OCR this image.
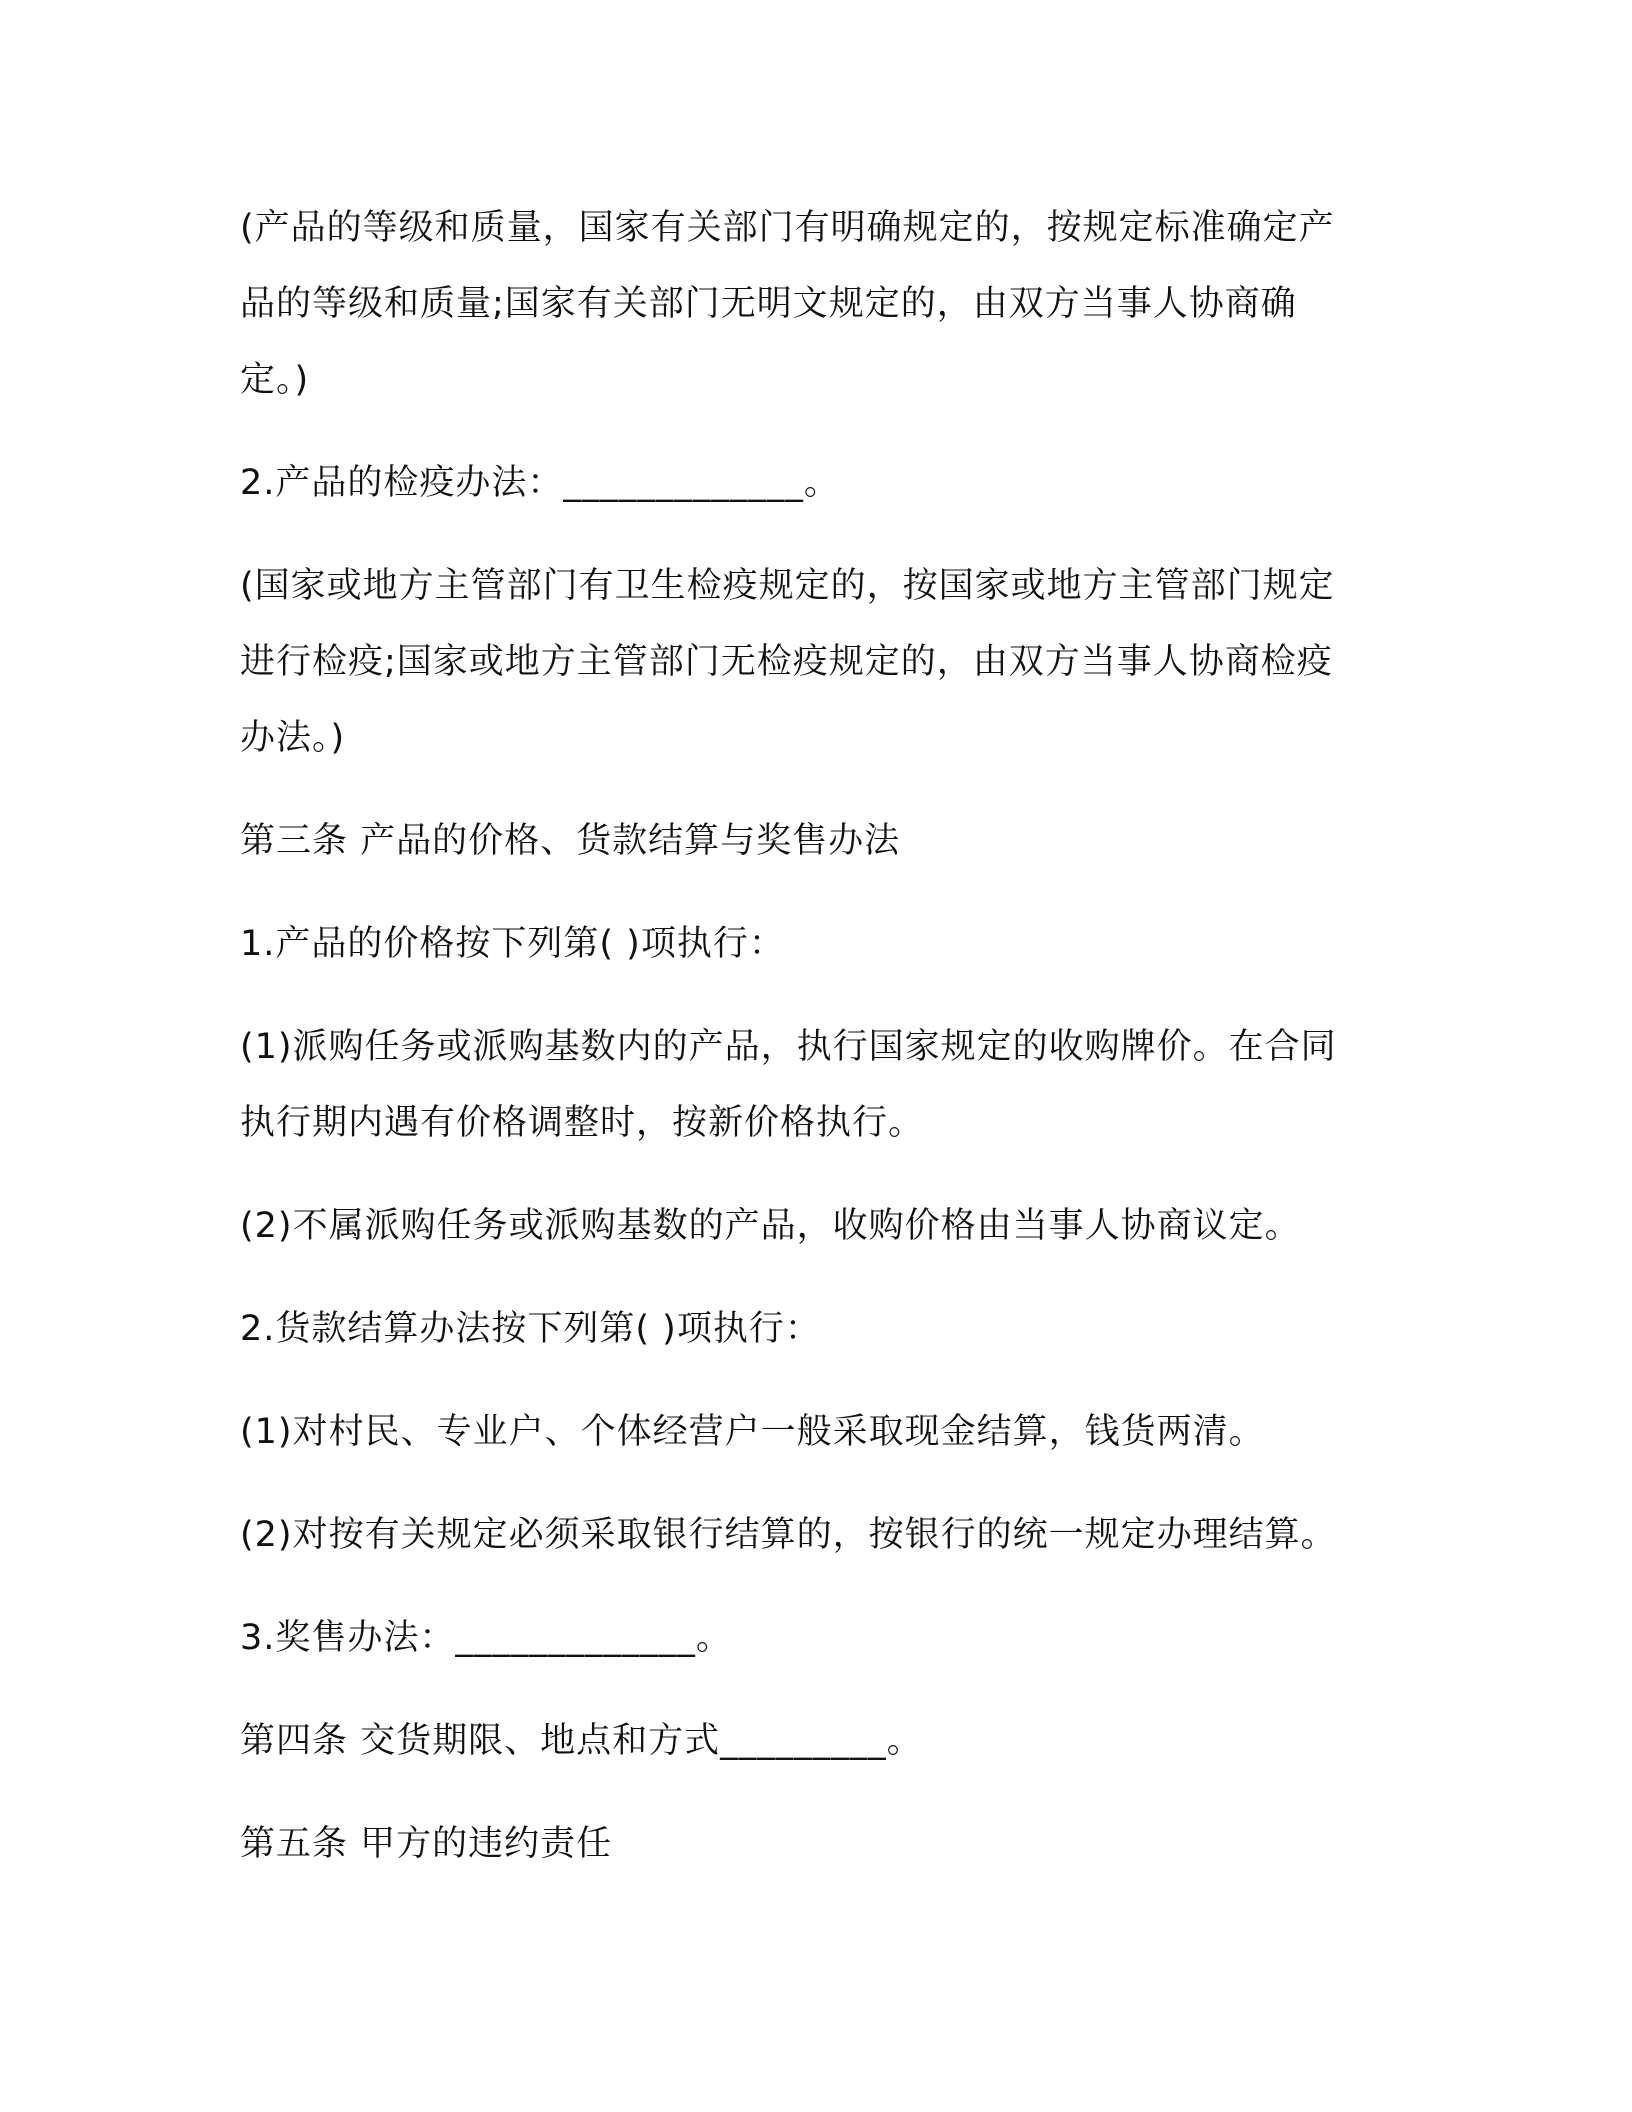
(产品的等级和质量，国家有关部门有明确规定的，按规定标准确定产
品的等级和质量;国家有关部门无明文规定的，由双方当事人协商确
定。)

2.产品的检疫办法：_____________。

(国家或地方主管部门有卫生检疫规定的，按国家或地方主管部门规定
进行检疫;国家或地方主管部门无检疫规定的，由双方当事人协商检疫
办法。)

第三条 产品的价格、货款结算与奖售办法

1.产品的价格按下列第( )项执行：

(1)派购任务或派购基数内的产品，执行国家规定的收购牌价。在合同
执行期内遇有价格调整时，按新价格执行。

(2)不属派购任务或派购基数的产品，收购价格由当事人协商议定。

2.货款结算办法按下列第( )项执行：

(1)对村民、专业户、个体经营户一般采取现金结算，钱货两清。

(2)对按有关规定必须采取银行结算的，按银行的统一规定办理结算。

3.奖售办法：_____________。

第四条 交货期限、地点和方式_________。

第五条 甲方的违约责任
